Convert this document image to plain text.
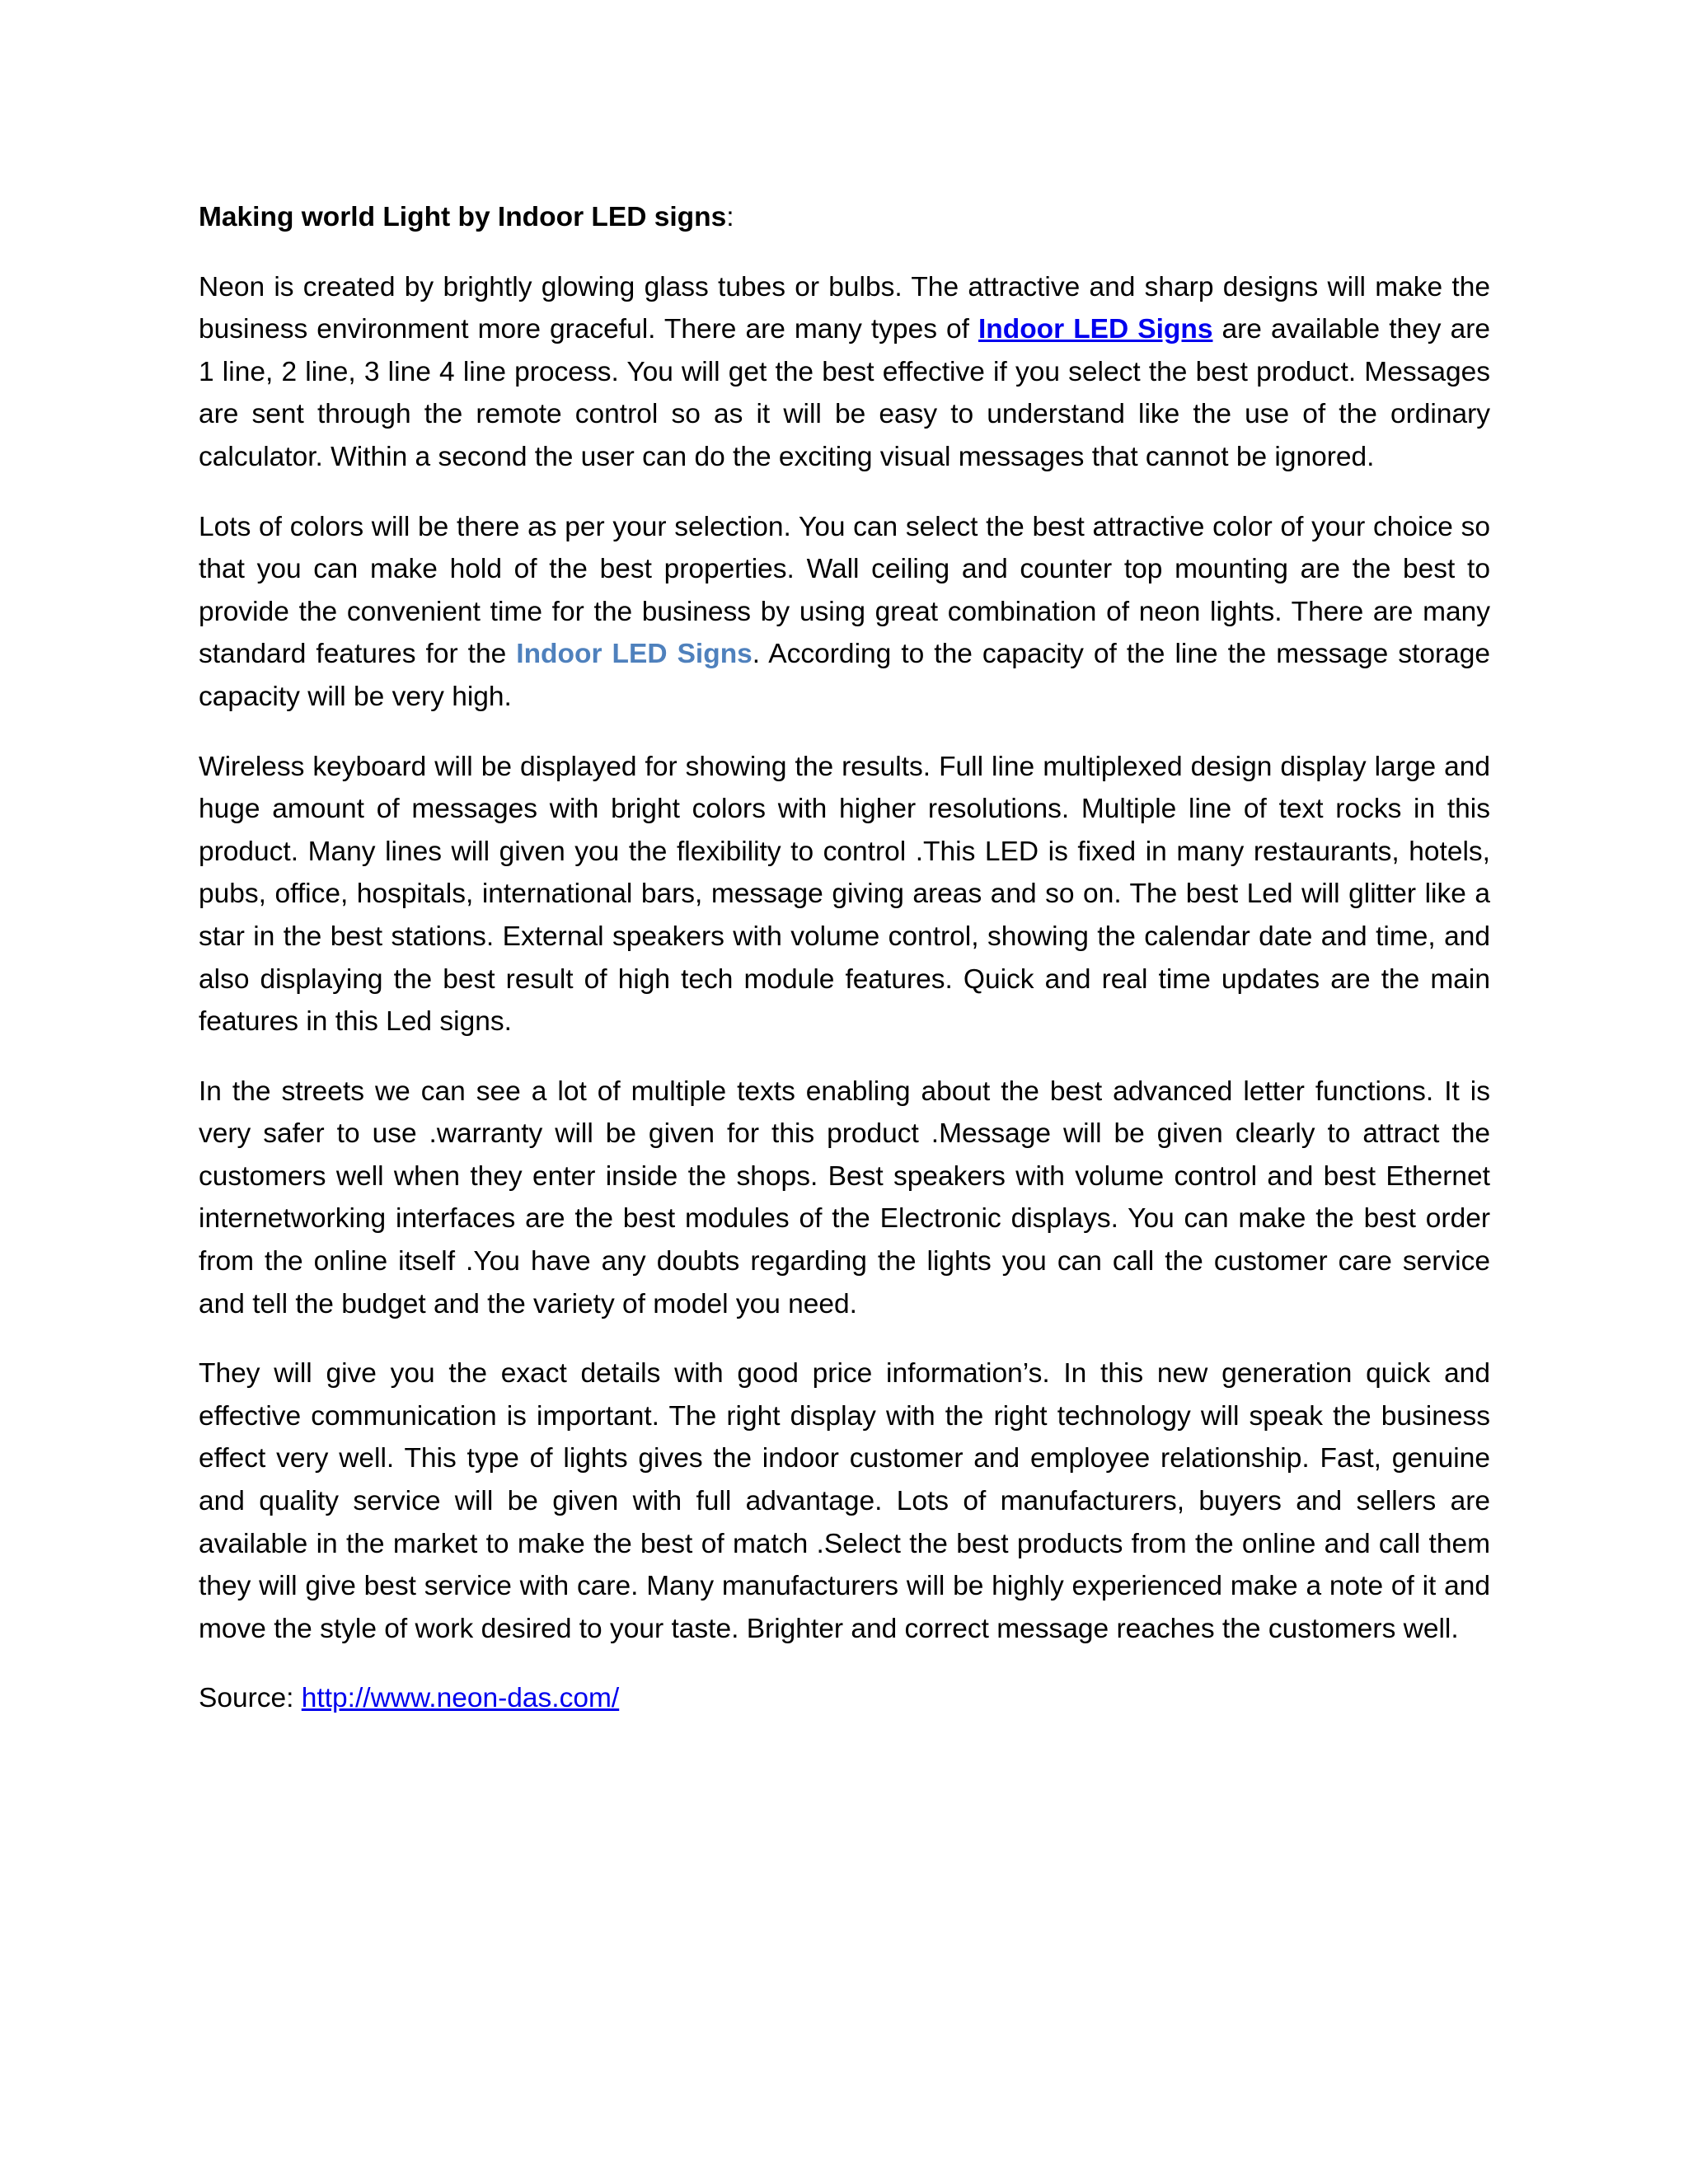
Making world Light by Indoor LED signs:

Neon is created by brightly glowing glass tubes or bulbs. The attractive and sharp designs will make the business environment more graceful. There are many types of Indoor LED Signs are available they are 1 line, 2 line, 3 line 4 line process. You will get the best effective if you select the best product. Messages are sent through the remote control so as it will be easy to understand like the use of the ordinary calculator. Within a second the user can do the exciting visual messages that cannot be ignored.

Lots of colors will be there as per your selection. You can select the best attractive color of your choice so that you can make hold of the best properties. Wall ceiling and counter top mounting are the best to provide the convenient time for the business by using great combination of neon lights. There are many standard features for the Indoor LED Signs. According to the capacity of the line the message storage capacity will be very high.

Wireless keyboard will be displayed for showing the results. Full line multiplexed design display large and huge amount of messages with bright colors with higher resolutions. Multiple line of text rocks in this product. Many lines will given you the flexibility to control .This LED is fixed in many restaurants, hotels, pubs, office, hospitals, international bars, message giving areas and so on. The best Led will glitter like a star in the best stations. External speakers with volume control, showing the calendar date and time, and also displaying the best result of high tech module features. Quick and real time updates are the main features in this Led signs.

In the streets we can see a lot of multiple texts enabling about the best advanced letter functions. It is very safer to use .warranty will be given for this product .Message will be given clearly to attract the customers well when they enter inside the shops. Best speakers with volume control and best Ethernet internetworking interfaces are the best modules of the Electronic displays. You can make the best order from the online itself .You have any doubts regarding the lights you can call the customer care service and tell the budget and the variety of model you need.

They will give you the exact details with good price information’s. In this new generation quick and effective communication is important. The right display with the right technology will speak the business effect very well. This type of lights gives the indoor customer and employee relationship. Fast, genuine and quality service will be given with full advantage. Lots of manufacturers, buyers and sellers are available in the market to make the best of match .Select the best products from the online and call them they will give best service with care. Many manufacturers will be highly experienced make a note of it and move the style of work desired to your taste. Brighter and correct message reaches the customers well.

Source: http://www.neon-das.com/
